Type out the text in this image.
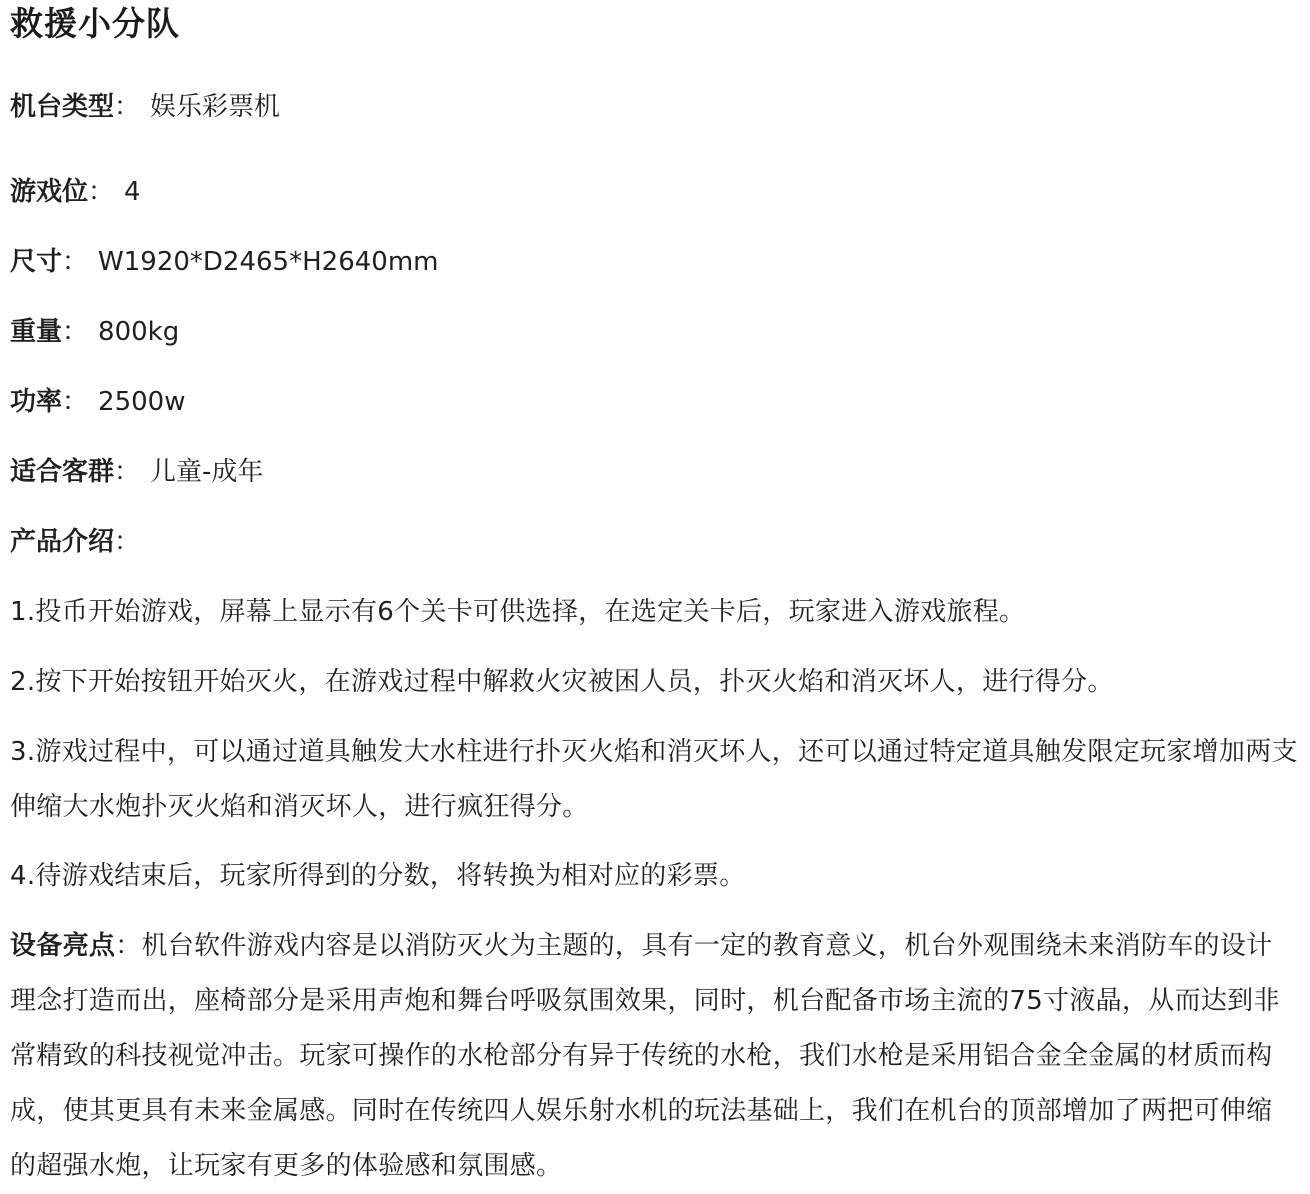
救援小分队
机台类型： 娱乐彩票机
游戏位： 4
尺寸： W1920*D2465*H2640mm
重量： 800kg
功率： 2500w
适合客群： 儿童-成年
产品介绍：

1.投币开始游戏，屏幕上显示有6个关卡可供选择，在选定关卡后，玩家进入游戏旅程。

2.按下开始按钮开始灭火，在游戏过程中解救火灾被困人员，扑灭火焰和消灭坏人，进行得分。

3.游戏过程中，可以通过道具触发大水柱进行扑灭火焰和消灭坏人，还可以通过特定道具触发限定玩家增加两支伸缩大水炮扑灭火焰和消灭坏人，进行疯狂得分。

4.待游戏结束后，玩家所得到的分数，将转换为相对应的彩票。

设备亮点：机台软件游戏内容是以消防灭火为主题的，具有一定的教育意义，机台外观围绕未来消防车的设计理念打造而出，座椅部分是采用声炮和舞台呼吸氛围效果，同时，机台配备市场主流的75寸液晶，从而达到非常精致的科技视觉冲击。玩家可操作的水枪部分有异于传统的水枪，我们水枪是采用铝合金全金属的材质而构成，使其更具有未来金属感。同时在传统四人娱乐射水机的玩法基础上，我们在机台的顶部增加了两把可伸缩的超强水炮，让玩家有更多的体验感和氛围感。
